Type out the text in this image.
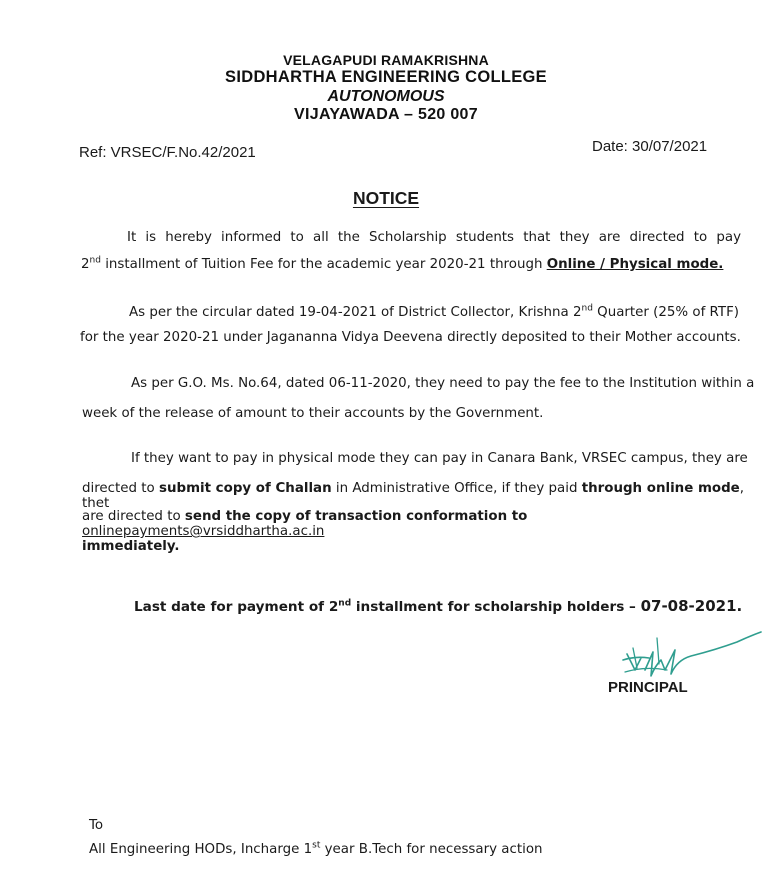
VELAGAPUDI RAMAKRISHNA
SIDDHARTHA ENGINEERING COLLEGE
AUTONOMOUS
VIJAYAWADA – 520 007
Ref: VRSEC/F.No.42/2021	Date: 30/07/2021
NOTICE
It is hereby informed to all the Scholarship students that they are directed to pay
2nd installment of Tuition Fee for the academic year 2020-21 through Online / Physical mode.
As per the circular dated 19-04-2021 of District Collector, Krishna 2nd Quarter (25% of RTF)
for the year 2020-21 under Jagananna Vidya Deevena directly deposited to their Mother accounts.
As per G.O. Ms. No.64, dated 06-11-2020, they need to pay the fee to the Institution within a
week of the release of amount to their accounts by the Government.
If they want to pay in physical mode they can pay in Canara Bank, VRSEC campus, they are
directed to submit copy of Challan in Administrative Office, if they paid through online mode, thet
are directed to send the copy of transaction conformation to onlinepayments@vrsiddhartha.ac.in
immediately.
Last date for payment of 2nd installment for scholarship holders – 07-08-2021.
PRINCIPAL
To
All Engineering HODs, Incharge 1st year B.Tech for necessary action
